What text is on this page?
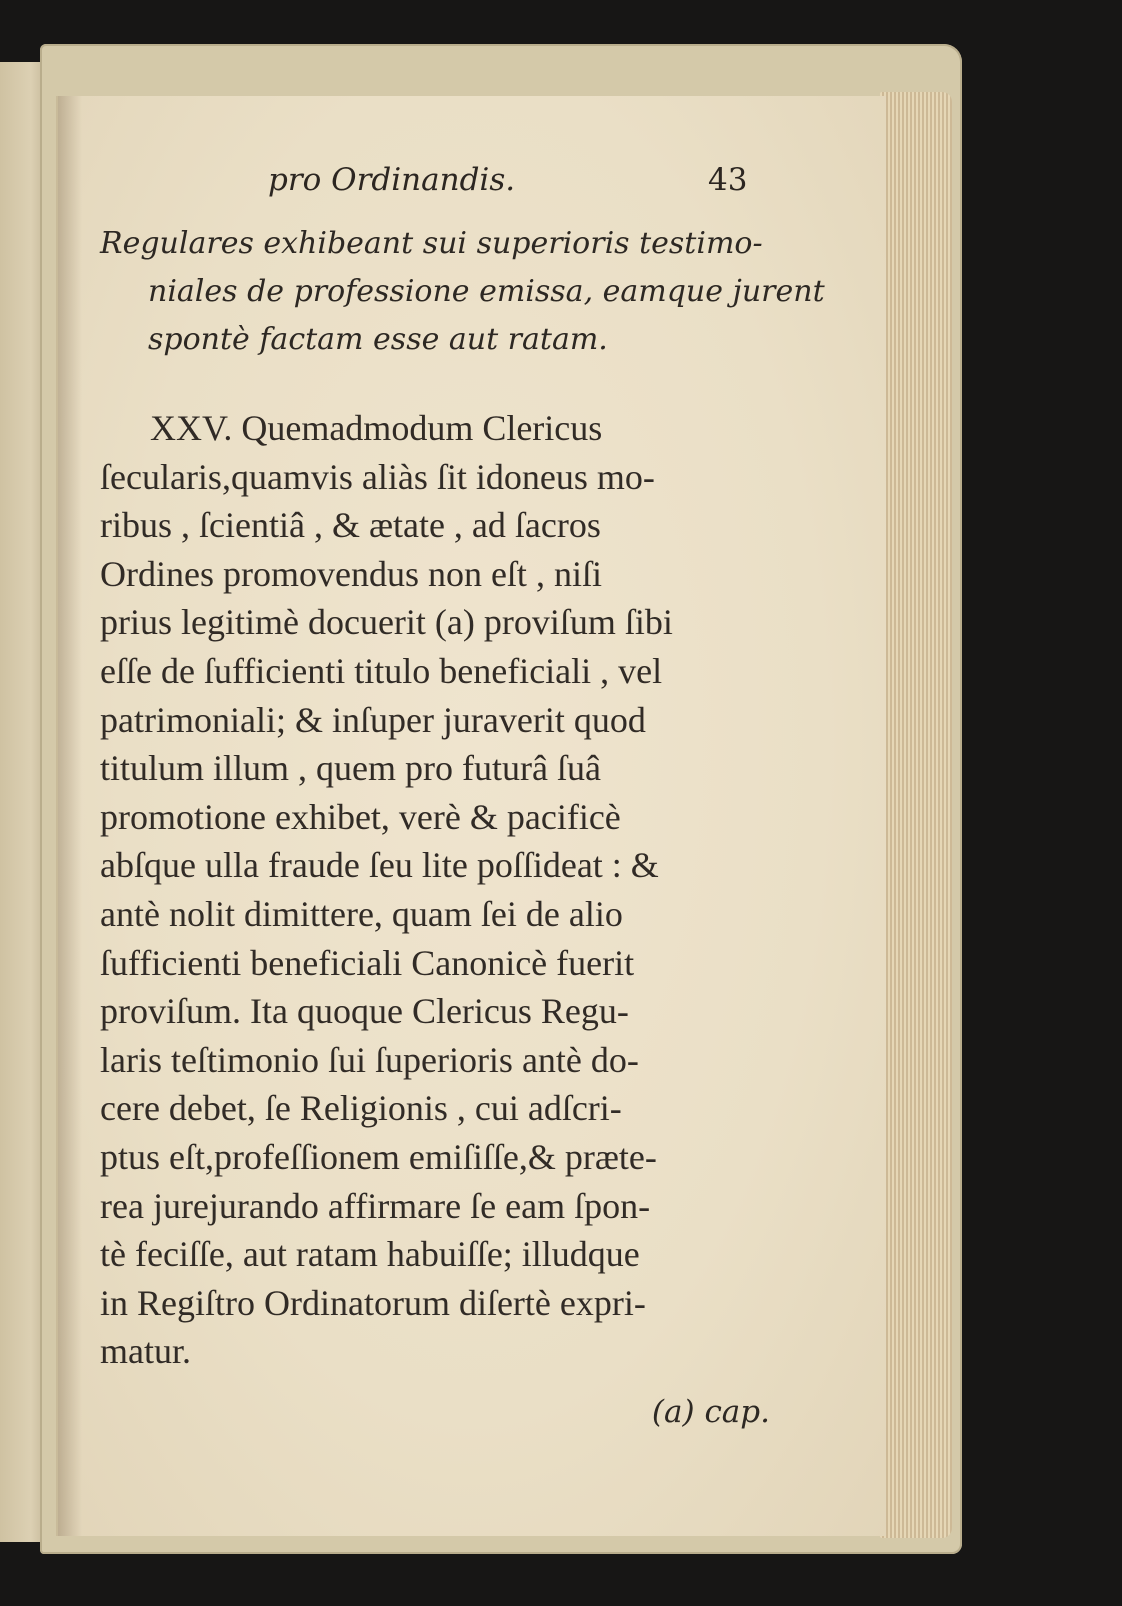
pro Ordinandis.	43
Regulares exhibeant sui superioris testimo-
niales de professione emissa, eamque jurent
spontè factam esse aut ratam.
XXV. Quemadmodum Clericus
ſecularis,quamvis aliàs ſit idoneus mo-
ribus , ſcientiâ , & ætate , ad ſacros
Ordines promovendus non eſt , niſi
prius legitimè docuerit (a) proviſum ſibi
eſſe de ſufficienti titulo beneficiali , vel
patrimoniali; & inſuper juraverit quod
titulum illum , quem pro futurâ ſuâ
promotione exhibet, verè & pacificè
abſque ulla fraude ſeu lite poſſideat : &
antè nolit dimittere, quam ſei de alio
ſufficienti beneficiali Canonicè fuerit
proviſum. Ita quoque Clericus Regu-
laris teſtimonio ſui ſuperioris antè do-
cere debet, ſe Religionis , cui adſcri-
ptus eſt,profeſſionem emiſiſſe,& præte-
rea jurejurando affirmare ſe eam ſpon-
tè feciſſe, aut ratam habuiſſe; illudque
in Regiſtro Ordinatorum diſertè expri-
matur.
(a) cap.
